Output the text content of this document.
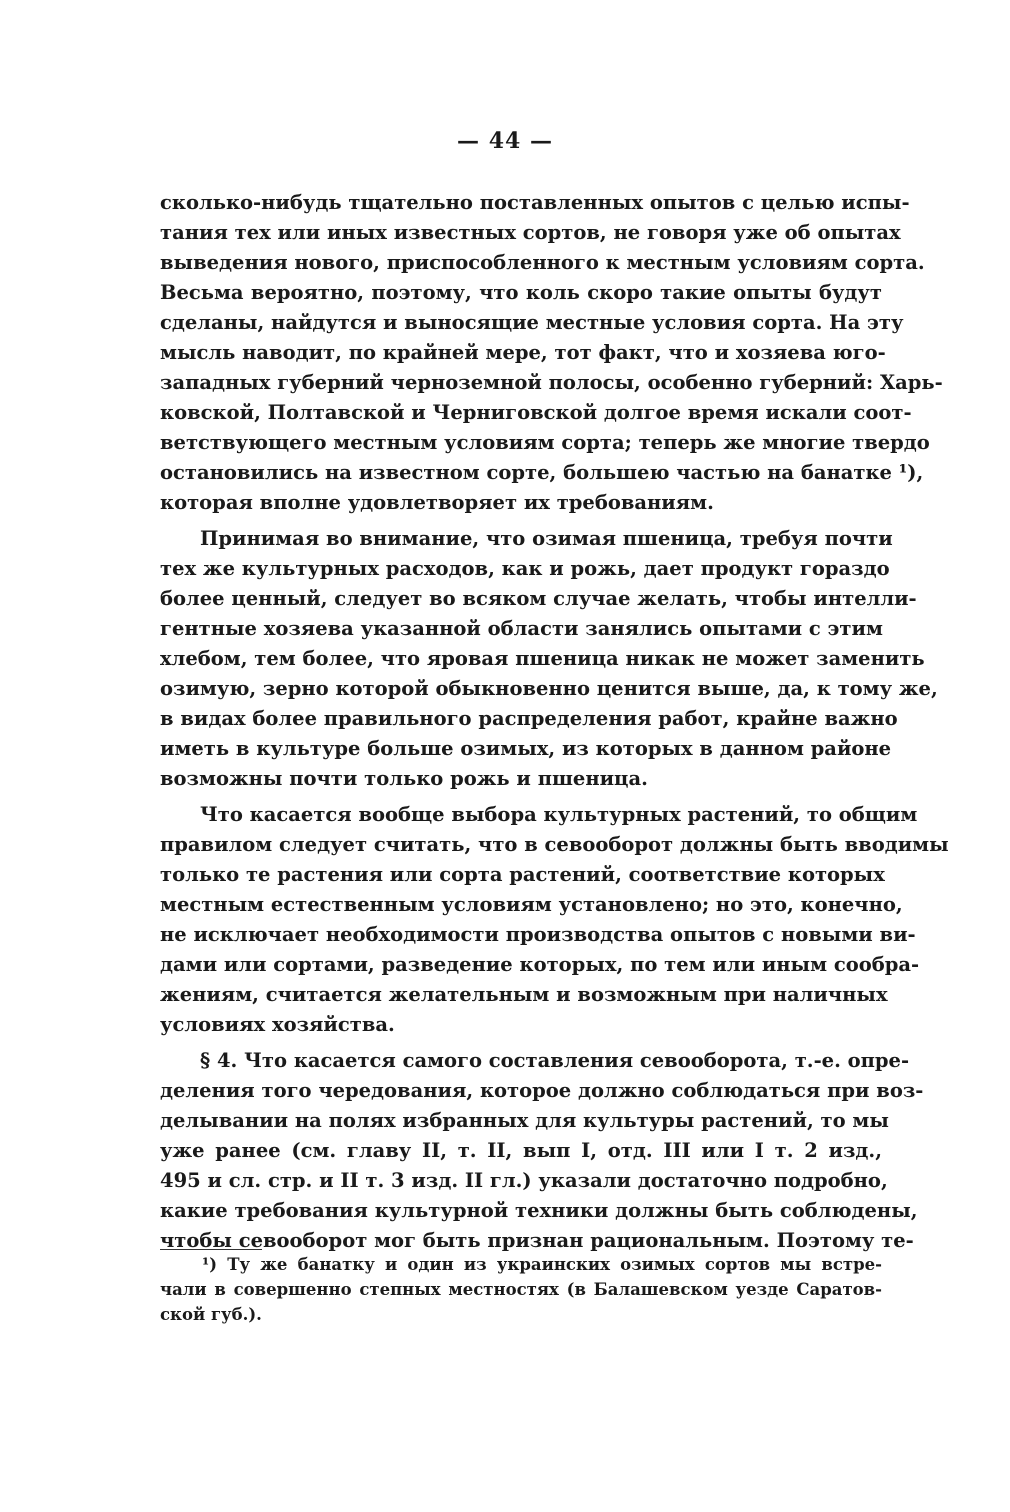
— 44 —
сколько-нибудь тщательно поставленных опытов с целью испы-
тания тех или иных известных сортов, не говоря уже об опытах
выведения нового, приспособленного к местным условиям сорта.
Весьма вероятно, поэтому, что коль скоро такие опыты будут
сделаны, найдутся и выносящие местные условия сорта. На эту
мысль наводит, по крайней мере, тот факт, что и хозяева юго-
западных губерний черноземной полосы, особенно губерний: Харь-
ковской, Полтавской и Черниговской долгое время искали соот-
ветствующего местным условиям сорта; теперь же многие твердо
остановились на известном сорте, большею частью на банатке ¹),
которая вполне удовлетворяет их требованиям.
Принимая во внимание, что озимая пшеница, требуя почти
тех же культурных расходов, как и рожь, дает продукт гораздо
более ценный, следует во всяком случае желать, чтобы интелли-
гентные хозяева указанной области занялись опытами с этим
хлебом, тем более, что яровая пшеница никак не может заменить
озимую, зерно которой обыкновенно ценится выше, да, к тому же,
в видах более правильного распределения работ, крайне важно
иметь в культуре больше озимых, из которых в данном районе
возможны почти только рожь и пшеница.
Что касается вообще выбора культурных растений, то общим
правилом следует считать, что в севооборот должны быть вводимы
только те растения или сорта растений, соответствие которых
местным естественным условиям установлено; но это, конечно,
не исключает необходимости производства опытов с новыми ви-
дами или сортами, разведение которых, по тем или иным сообра-
жениям, считается желательным и возможным при наличных
условиях хозяйства.
§ 4. Что касается самого составления севооборота, т.-е. опре-
деления того чередования, которое должно соблюдаться при воз-
делывании на полях избранных для культуры растений, то мы
уже ранее (см. главу II, т. II, вып I, отд. III или I т. 2 изд.,
495 и сл. стр. и II т. 3 изд. II гл.) указали достаточно подробно,
какие требования культурной техники должны быть соблюдены,
чтобы севооборот мог быть признан рациональным. Поэтому те-
¹) Ту же банатку и один из украинских озимых сортов мы встре-
чали в совершенно степных местностях (в Балашевском уезде Саратов-
ской губ.).
